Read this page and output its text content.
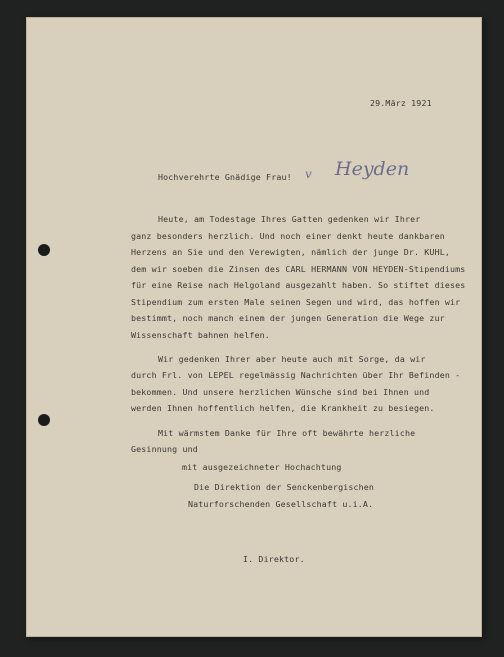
29.März 1921
Hochverehrte Gnädige Frau! v Heyden
Heute, am Todestage Ihres Gatten gedenken wir Ihrer
ganz besonders herzlich. Und noch einer denkt heute dankbaren
Herzens an Sie und den Verewigten, nämlich der junge Dr. KUHL,
dem wir soeben die Zinsen des CARL HERMANN VON HEYDEN-Stipendiums
für eine Reise nach Helgoland ausgezahlt haben. So stiftet dieses
Stipendium zum ersten Male seinen Segen und wird, das hoffen wir
bestimmt, noch manch einem der jungen Generation die Wege zur
Wissenschaft bahnen helfen.
Wir gedenken Ihrer aber heute auch mit Sorge, da wir
durch Frl. von LEPEL regelmässig Nachrichten über Ihr Befinden -
bekommen. Und unsere herzlichen Wünsche sind bei Ihnen und
werden Ihnen hoffentlich helfen, die Krankheit zu besiegen.
Mit wärmstem Danke für Ihre oft bewährte herzliche
Gesinnung und
mit ausgezeichneter Hochachtung
Die Direktion der Senckenbergischen
Naturforschenden Gesellschaft u.i.A.
I. Direktor.
